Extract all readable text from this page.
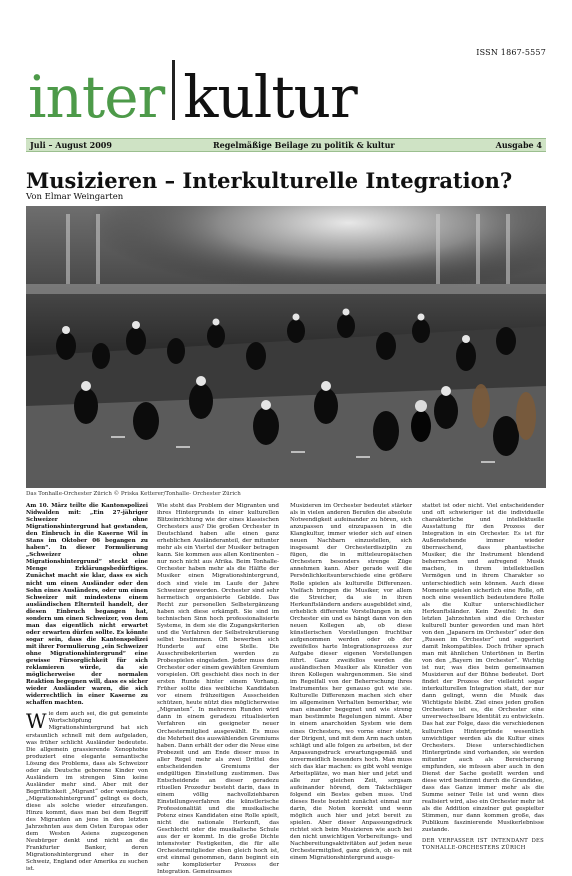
ISSN 1867-5557
inter kultur
Juli – August 2009	Regelmäßige Beilage zu politik & kultur	Ausgabe 4
Musizieren – Interkulturelle Integration?
Von Elmar Weingarten
Das Tonhalle-Orchester Zürich © Priska Ketterer/Tonhalle- Orchester Zürich

Am 10. März teilte die Kantonspolizei Nidwalden mit: „Ein 27-jähriger Schweizer ohne Migrationshintergrund hat gestanden, den Einbruch in die Kaserne Wil in Stans im Oktober 06 begangen zu haben“. In dieser Formulierung „Schweizer ohne Migrationshintergrund“ steckt eine Menge Erklärungsbedürftiges. Zunächst macht sie klar, dass es sich nicht um einen Ausländer oder den Sohn eines Ausländers, oder um einen Schweizer mit mindestens einem ausländischen Elternteil handelt, der diesen Einbruch begangen hat, sondern um einen Schweizer, von dem man das eigentlich nicht erwartet oder erwarten dürfen sollte. Es könnte sogar sein, dass die Kantonspolizei mit ihrer Formulierung „ein Schweizer ohne Migrationshintergrund“ eine gewisse Fürsorglichkeit für sich reklamieren würde, da sie möglicherweise der normalen Reaktion begegnen will, dass es sicher wieder Ausländer waren, die sich widerrechtlich in einer Kaserne zu schaffen machten.

Wie dem auch sei, die gut gemeinte Wortschöpfung Migrationshintergrund hat sich erstaunlich schnell mit dem aufgeladen, was früher schlicht Ausländer bedeutete. Die allgemein grassierende Xenophobie produziert eine elegante semantische Lösung des Problems, dass als Schweizer oder als Deutsche geborene Kinder von Ausländern im strengen Sinn keine Ausländer mehr sind. Aber mit der Begrifflichkeit „Migrant“ oder wenigstens „Migrationshintergrund“ gelingt es doch, diese als solche wieder einzufangen. Hinzu kommt, dass man bei dem Begriff des Migranten an jene in den letzten Jahrzehnten aus dem Osten Europas oder dem Westen Asiens zugezogenen Neubürger denkt und nicht an die Frankfurter Banker, deren Migrationshintergrund eher in der Schweiz, England oder Amerika zu suchen ist.

Wie steht das Problem der Migranten und ihres Hintergrunds in einer kulturellen Blitzeinrichtung wie der eines klassischen Orchesters aus? Die großen Orchester in Deutschland haben alle einen ganz erheblichen Ausländeranteil, der mitunter mehr als ein Viertel der Musiker betragen kann. Sie kommen aus allen Kontinenten – nur noch nicht aus Afrika. Beim Tonhalle-Orchester haben mehr als die Hälfte der Musiker einen Migrationshintergrund, doch sind viele im Laufe der Jahre Schweizer geworden. Orchester sind sehr hermetisch organisierte Gebilde. Das Recht zur personellen Selbstergänzung haben sich diese erkämpft. Sie sind im technischen Sinn hoch professionalisierte Systeme, in dem sie die Zugangskriterien und die Verfahren der Selbstrekrutierung selbst bestimmen. Oft bewerben sich Hunderte auf eine Stelle. Die Ausschreibekriterien werden zu Probespielen eingeladen. Jeder muss dem Orchester oder einem gewählten Gremium vorspielen. Oft geschieht dies noch in der ersten Runde hinter einem Vorhang. Früher sollte dies weibliche Kandidaten vor einem frühzeitigen Ausscheiden schützen, heute nützt dies möglicherweise „Migranten“. In mehreren Runden wird dann in einem geradezu ritualisierten Verfahren ein geeigneter neuer Orchestermitglied ausgewählt. Es muss die Mehrheit des auswählenden Gremiums haben. Dann erhält der oder die Neue eine Probezeit und am Ende dieser muss in aller Regel mehr als zwei Drittel des entscheidenden Gremiums der endgültigen Einstellung zustimmen. Das Entscheidende an dieser geradezu rituellen Prozedur besteht darin, dass in einem völlig nachvollziehbaren Einstellungsverfahren die künstlerische Professionalität und die musikalische Potenz eines Kandidaten eine Rolle spielt, nicht die nationale Herkunft, das Geschlecht oder die musikalische Schule aus der er kommt. In die große Dichte intensivster Festigkeiten, die für alle Orchestermitglieder eben gleich hoch ist, erst einmal genommen, dann beginnt ein sehr komplizierter Prozess der Integration. Gemeinsames

Musizieren im Orchester bedeutet stärker als in vielen anderen Berufen die absolute Notwendigkeit aufeinander zu hören, sich anzupassen und einzupassen in die Klangkultur, immer wieder sich auf einen neuen Nachbarn einzustellen, sich insgesamt der Orchesterdisziplin zu fügen, die in mitteleuropäischen Orchestern besonders strenge Züge annehmen kann. Aber gerade weil die Persönlichkeitsunterschiede eine größere Rolle spielen als kulturelle Differenzen. Vielfach bringen die Musiker, vor allem die Streicher, da sie in ihren Herkunftsländern anders ausgebildet sind, erheblich differente Vorstellungen in ein Orchester ein und es hängt dann von den neuen Kollegen ab, ob diese künstlerischen Vorstellungen fruchtbar aufgenommen werden oder ob der zweifellos harte Integrationsprozess zur Aufgabe dieser eigenen Vorstellungen führt. Ganz zweifellos werden die ausländischen Musiker als Künstler von ihren Kollegen wahrgenommen. Sie sind im Regelfall von der Beherrschung ihres Instrumentes her genauso gut wie sie. Kulturelle Differenzen machen sich eher im allgemeinen Verhalten bemerkbar, wie man einander begegnet und wie streng man bestimmte Regelungen nimmt. Aber in einem anarchoiden System wie dem eines Orchesters, wo vorne einer steht, der Dirigent, und mit dem Arm nach unten schlägt und alle folgen zu arbeiten, ist der Anpassungsdruck erwartungsgemäß und unvermeidlich besonders hoch. Man muss sich das klar machen: es gibt wohl wenige Arbeitsplätze, wo man hier und jetzt und alle zur gleichen Zeit, sorgsam aufeinander hörend, dem Taktschläger folgend ein Bestes geben muss. Und dieses Beste bezieht zunächst einmal nur darin, die Noten korrekt und wenn möglich auch hier und jetzt bereit zu spielen. Aber dieser Anpassungsdruck richtet sich beim Musizieren wie auch bei den nicht unwichtigen Vorbereitungs- und Nachbereitungsaktivitäten auf jeden neue Orchestermitglied, ganz gleich, ob es mit einem Migrationshintergrund ausge-

stattet ist oder nicht. Viel entscheidender und oft schwieriger ist die individuelle charakterliche und intellektuelle Ausstattung für den Prozess der Integration in ein Orchester. Es ist für Außenstehende immer wieder überraschend, dass phantastische Musiker, die ihr Instrument blendend beherrschen und aufregend Musik machen, in ihrem intellektuellen Vermögen und in ihrem Charakter so unterschiedlich sein können. Auch diese Momente spielen sicherlich eine Rolle, oft noch eine wesentlich bedeutendere Rolle als die Kultur unterschiedlicher Herkunftsländer. Kein Zweifel: In den letzten Jahrzehnten sind die Orchester kulturell bunter geworden und man hört von den „Japanern im Orchester“ oder den „Russen im Orchester“ und suggeriert damit Inkompatibles. Doch früher sprach man mit ähnlichen Untertönen in Berlin von den „Bayern im Orchester“. Wichtig ist nur, was dies beim gemeinsamen Musizieren auf der Bühne bedeutet. Dort findet der Prozess der vielleicht sogar interkulturellen Integration statt, der nur dann gelingt, wenn die Musik das Wichtigste bleibt. Ziel eines jeden großen Orchesters ist es, die Orchester eine unverwechselbare Identität zu entwickeln. Das hat zur Folge, dass die verschiedenen kulturellen Hintergründe wesentlich unwichtiger werden als die Kultur eines Orchesters. Diese unterschiedlichen Hintergründe sind vorhanden, sie werden mitunter auch als Bereicherung empfunden, sie müssen aber auch in den Dienst der Sache gestellt werden und diese wird bestimmt durch die Grundidee, dass das Ganze immer mehr als die Summe seiner Teile ist und wenn dies realisiert wird, also ein Orchester mehr ist als die Addition einzelner gut gespielter Stimmen, nur dann kommen große, das Publikum faszinierende Musikerlebnisse zustande.

DER VERFASSER IST INTENDANT DES TONHALLE-ORCHESTERS ZÜRICH
